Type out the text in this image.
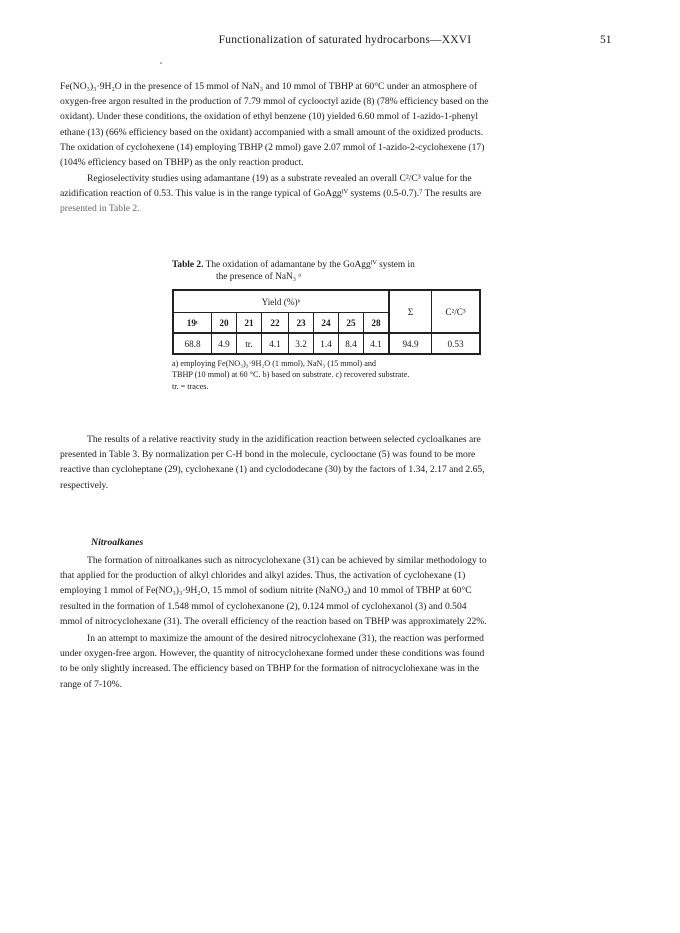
Functionalization of saturated hydrocarbons—XXVI	51

Fe(NO₃)₃·9H₂O in the presence of 15 mmol of NaN₃ and 10 mmol of TBHP at 60°C under an atmosphere of

oxygen-free argon resulted in the production of 7.79 mmol of cyclooctyl azide (8) (78% efficiency based on the

oxidant). Under these conditions, the oxidation of ethyl benzene (10) yielded 6.60 mmol of 1-azido-1-phenyl

ethane (13) (66% efficiency based on the oxidant) accompanied with a small amount of the oxidized products.

The oxidation of cyclohexene (14) employing TBHP (2 mmol) gave 2.07 mmol of 1-azido-2-cyclohexene (17)

(104% efficiency based on TBHP) as the only reaction product.

Regioselectivity studies using adamantane (19) as a substrate revealed an overall C²/C³ value for the

azidification reaction of 0.53. This value is in the range typical of GoAggᴵⱽ systems (0.5-0.7).⁷ The results are

presented in Table 2.

Table 2. The oxidation of adamantane by the GoAggᴵⱽ system in
the presence of NaN₃ ᵃ
Yield (%)ᵇ								Σ	C²/C³
19ᶜ	20	21	22	23	24	25	28		
68.8	4.9	tr.	4.1	3.2	1.4	8.4	4.1	94.9	0.53
a) employing Fe(NO₃)₃·9H₂O (1 mmol), NaN₃ (15 mmol) and
TBHP (10 mmol) at 60 °C. b) based on substrate. c) recovered substrate.
tr. = traces.

The results of a relative reactivity study in the azidification reaction between selected cycloalkanes are

presented in Table 3. By normalization per C-H bond in the molecule, cyclooctane (5) was found to be more

reactive than cycloheptane (29), cyclohexane (1) and cyclododecane (30) by the factors of 1.34, 2.17 and 2.65,

respectively.

Nitroalkanes

The formation of nitroalkanes such as nitrocyclohexane (31) can be achieved by similar methodology to

that applied for the production of alkyl chlorides and alkyl azides. Thus, the activation of cyclohexane (1)

employing 1 mmol of Fe(NO₃)₃·9H₂O, 15 mmol of sodium nitrite (NaNO₂) and 10 mmol of TBHP at 60°C

resulted in the formation of 1.548 mmol of cyclohexanone (2), 0.124 mmol of cyclohexanol (3) and 0.504

mmol of nitrocyclohexane (31). The overall efficiency of the reaction based on TBHP was approximately 22%.

In an attempt to maximize the amount of the desired nitrocyclohexane (31), the reaction was performed

under oxygen-free argon. However, the quantity of nitrocyclohexane formed under these conditions was found

to be only slightly increased. The efficiency based on TBHP for the formation of nitrocyclohexane was in the

range of 7-10%.
